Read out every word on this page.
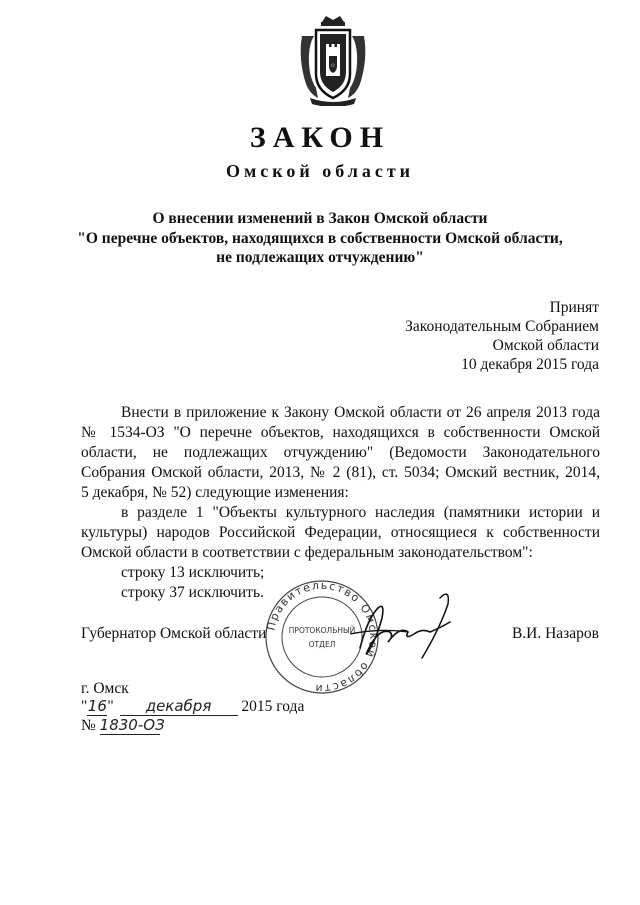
☆
ЗАКОН
Омской области
О внесении изменений в Закон Омской области
"О перечне объектов, находящихся в собственности Омской области,
не подлежащих отчуждению"
Принят
Законодательным Собранием
Омской области
10 декабря 2015 года
Внести в приложение к Закону Омской области от 26 апреля 2013 года
№ 1534-ОЗ "О перечне объектов, находящихся в собственности Омской
области, не подлежащих отчуждению" (Ведомости Законодательного
Собрания Омской области, 2013, № 2 (81), ст. 5034; Омский вестник, 2014,
5 декабря, № 52) следующие изменения:
в разделе 1 "Объекты культурного наследия (памятники истории и
культуры) народов Российской Федерации, относящиеся к собственности
Омской области в соответствии с федеральным законодательством":
строку 13 исключить;
строку 37 исключить.
Правительство Омской области
ПРОТОКОЛЬНЫЙ
ОТДЕЛ
Губернатор Омской области	В.И. Назаров
г. Омск
"16" декабря 2015 года
№ 1830-ОЗ
